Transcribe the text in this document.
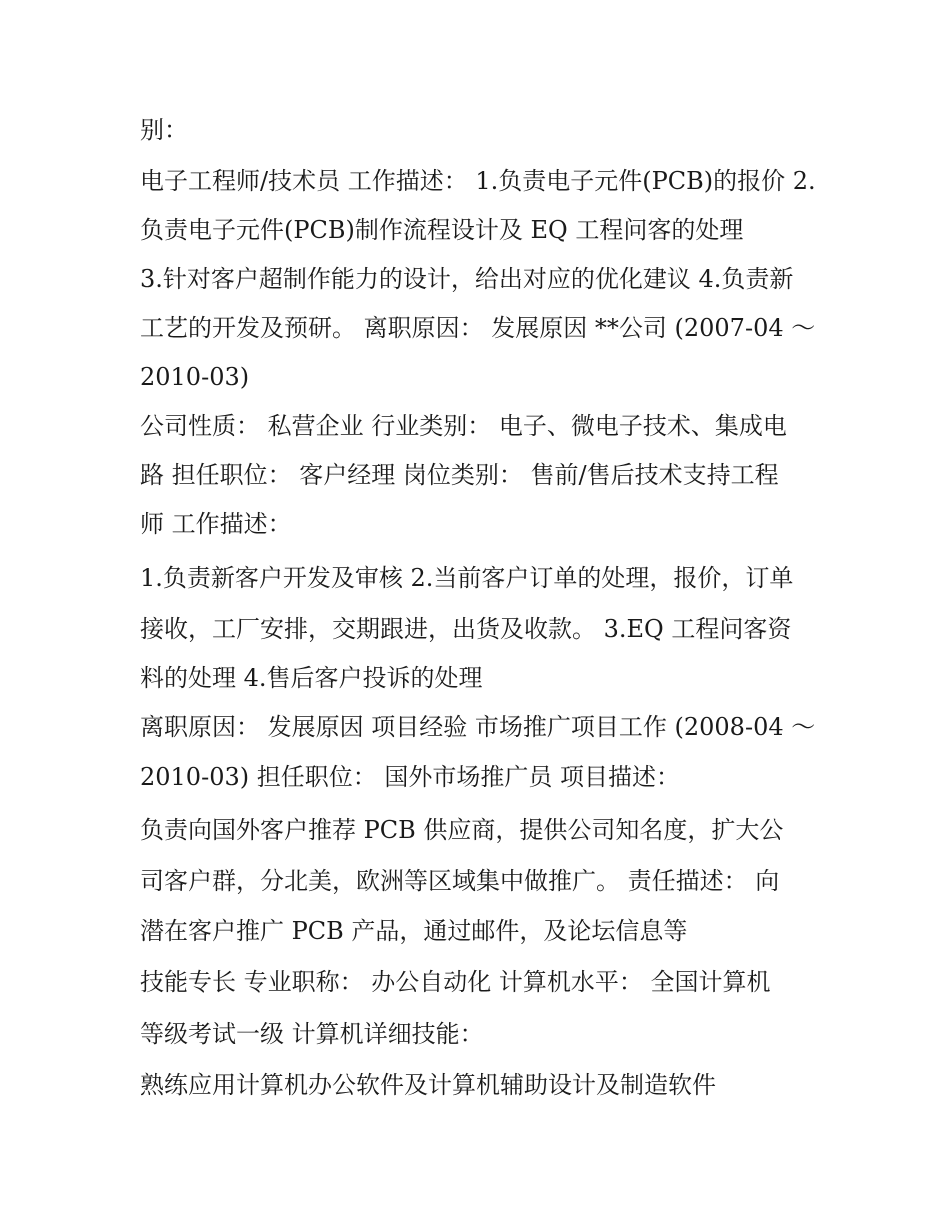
别：

电子工程师/技术员 工作描述： 1.负责电子元件(PCB)的报价 2.

负责电子元件(PCB)制作流程设计及 EQ 工程问客的处理

3.针对客户超制作能力的设计，给出对应的优化建议 4.负责新

工艺的开发及预研。 离职原因： 发展原因 **公司 (2007-04 ～

2010-03)

公司性质： 私营企业 行业类别： 电子、微电子技术、集成电

路 担任职位： 客户经理 岗位类别： 售前/售后技术支持工程

师 工作描述：

1.负责新客户开发及审核 2.当前客户订单的处理，报价，订单

接收，工厂安排，交期跟进，出货及收款。 3.EQ 工程问客资

料的处理 4.售后客户投诉的处理

离职原因： 发展原因 项目经验 市场推广项目工作 (2008-04 ～

2010-03) 担任职位： 国外市场推广员 项目描述：

负责向国外客户推荐 PCB 供应商，提供公司知名度，扩大公

司客户群，分北美，欧洲等区域集中做推广。 责任描述： 向

潜在客户推广 PCB 产品，通过邮件，及论坛信息等

技能专长 专业职称： 办公自动化 计算机水平： 全国计算机

等级考试一级 计算机详细技能：

熟练应用计算机办公软件及计算机辅助设计及制造软件
